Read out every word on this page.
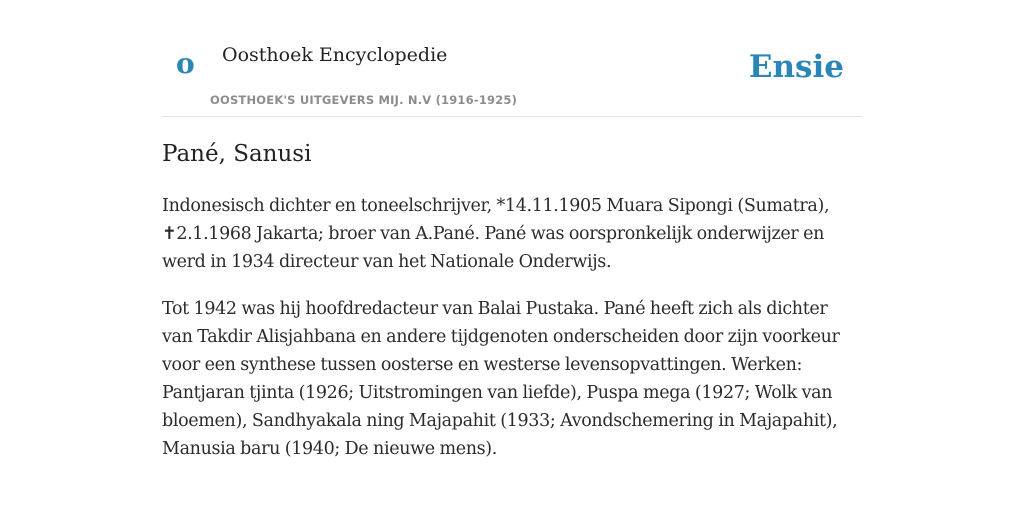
o Oosthoek Encyclopedie
OOSTHOEK'S UITGEVERS MIJ. N.V (1916-1925)
Ensie
Pané, Sanusi

Indonesisch dichter en toneelschrijver, *14.11.1905 Muara Sipongi (Sumatra), ✝2.1.1968 Jakarta; broer van A.Pané. Pané was oorspronkelijk onderwijzer en werd in 1934 directeur van het Nationale Onderwijs.

Tot 1942 was hij hoofdredacteur van Balai Pustaka. Pané heeft zich als dichter van Takdir Alisjahbana en andere tijdgenoten onderscheiden door zijn voorkeur voor een synthese tussen oosterse en westerse levensopvattingen. Werken: Pantjaran tjinta (1926; Uitstromingen van liefde), Puspa mega (1927; Wolk van bloemen), Sandhyakala ning Majapahit (1933; Avondschemering in Majapahit), Manusia baru (1940; De nieuwe mens).
